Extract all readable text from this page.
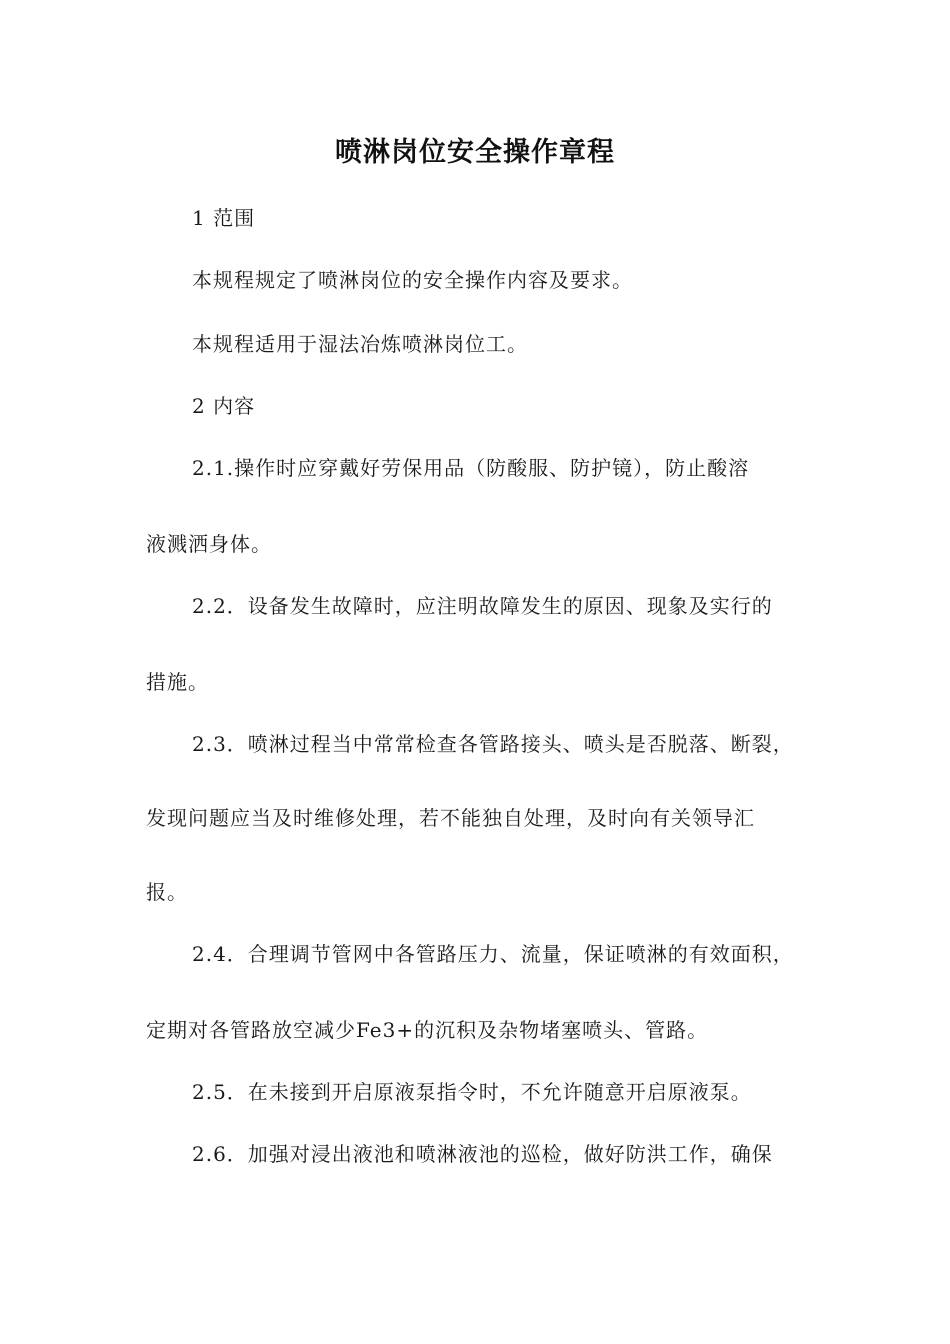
喷淋岗位安全操作章程

1 范围

本规程规定了喷淋岗位的安全操作内容及要求。

本规程适用于湿法冶炼喷淋岗位工。

2 内容

2.1.操作时应穿戴好劳保用品（防酸服、防护镜），防止酸溶

液溅洒身体。

2.2．设备发生故障时，应注明故障发生的原因、现象及实行的

措施。

2.3．喷淋过程当中常常检查各管路接头、喷头是否脱落、断裂，

发现问题应当及时维修处理，若不能独自处理，及时向有关领导汇

报。

2.4．合理调节管网中各管路压力、流量，保证喷淋的有效面积，

定期对各管路放空减少Fe3+的沉积及杂物堵塞喷头、管路。

2.5．在未接到开启原液泵指令时，不允许随意开启原液泵。

2.6．加强对浸出液池和喷淋液池的巡检，做好防洪工作，确保
